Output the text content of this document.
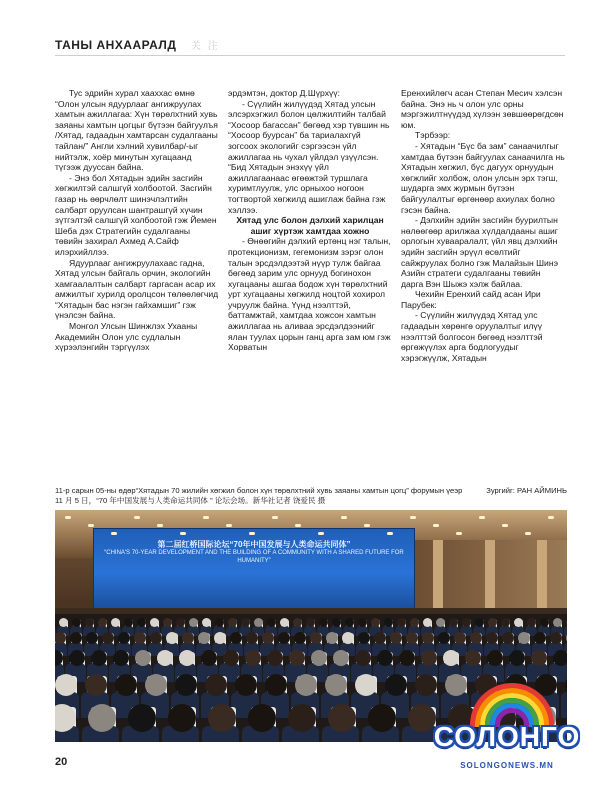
ТАНЫ АНХААРАЛД 关 注

Тус эдрийн хурал хааххас өмнө “Олон улсын ядуурлааг ангижруулах хамтын ажиллагаа: Хүн төрөлхтний хувь заяаны хамтын цогцыг бүтээн байгуулъя /Хятад, гадаадын хамтарсан судалгааны тайлан/” Англи хэлний хувилбар/-ыг нийтэлж, хоёр минутын хугацаанд түгээж дууссан байна.

- Энэ бол Хятадын эдийн засгийн хөгжилтэй салшгүй холбоотой. Засгийн газар нь өөрчлөлт шинэчлэлтийн салбарт оруулсан шантрашгүй хүчин зүтгэлтэй салшгүй холбоотой гэж Йемен Шеба дэх Стратегийн судалгааны төвийн захирал Ахмед А.Сайф илэрхийллээ.

Ядуурлааг ангижруулахаас гадна, Хятад улсын байгаль орчин, экологийн хамгаалалтын салбарт гаргасан асар их амжилтыг хурилд оролцсон төлөөлөгчид “Хятадын бас нэгэн гайхамшиг” гэж үнэлсэн байна.

Монгол Улсын Шинжлэх Ухааны Академийн Олон улс судлалын хүрээлэнгийн тэргүүлэх

эрдэмтэн, доктор Д.Шүрхүү:

- Сүүлийн жилүүдэд Хятад улсын элсэрхэгжил болон цөлжилтийн талбай “Хосоор багассан” бөгөөд хэр түвшин нь “Хосоор буурсан” ба тариалахгүй зогсоох экологийг сэргээсэн үйл ажиллагаа нь чухал үйлдэл үзүүлсэн. “Бид Хятадын энэхүү үйл ажиллагаанаас өгөөжтэй туршлага хуримтлуулж, улс орныхоо ногоон тогтвортой хөгжилд ашиглаж байна гэж хэллээ.

Хятад улс болон дэлхий харилцан ашиг хүртэж хамтдаа хожно

- Өнөөгийн дэлхий ертөнц нэг талын, протекционизм, гегемонизм зэрэг олон талын эрсдэлдээтэй нүүр тулж байгаа бөгөөд зарим улс орнууд богинохон хугацааны ашгаа бодож хүн төрөлхтний урт хугацааны хөгжилд ноцтой хохирол учруулж байна. Үүнд нээлттэй, баттамжтай, хамтдаа хожсон хамтын ажиллагаа нь аливаа эрсдэлдээнийг ялан туулах цорын ганц арга зам юм гэж Хорватын

Еренхийлөгч асан Степан Месич хэлсэн байна. Энэ нь ч олон улс орны мэргэжилтнүүдэд хүлээн зөвшөөрөгдсөн юм.

Тэрбээр:

- Хятадын “Бүс ба зам” санаачилгыг хамтдаа бүтээн байгуулах санаачилга нь Хятадын хөгжил, бүс дагуух орнуудын хөгжлийг холбож, олон улсын эрх тэгш, шударга эмх журмын бүтээн байгуулалтыг өргөнөөр ахиулах болно гэсэн байна.

- Дэлхийн эдийн засгийн буурилтын нөлөөгөөр арилжаа хүлдалдааны ашиг орлогын хувааралалт, үйл явц дэлхийн эдийн засгийн эрүүл өсөлтийг сайжруулах болно гэж Малайзын Шинэ Азийн стратеги судалгааны төвийн дарга Вэн Шыжэ хэлж байлаа.

Чехийн Еренхий сайд асан Ири Парубек:

- Сүүлийн жилүүдэд Хятад улс гадаадын хөрөнгө оруулалтыг илүү нээлттэй болгосон бөгөөд нээлттэй өргөжүүлэх арга бодлогуудыг хэрэгжүүлж, Хятадын

11-р сарын 05-ны өдөр“Хятадын 70 жилийн хөгжил болон хүн төрөлхтний хувь заяаны хамтын цогц” форумын үеэр
11 月 5 日，“70 年中国发展与人类命运共同体 ” 论坛会场。新华社记者 饶爱民 摄
Зургийг: РАН АЙМИНЬ
第二届红桥国际论坛“70年中国发展与人类命运共同体”
“CHINA'S 70-YEAR DEVELOPMENT AND THE BUILDING OF A COMMUNITY WITH A SHARED FUTURE FOR HUMANITY”
20
СОЛОНГО
SOLONGONEWS.MN
